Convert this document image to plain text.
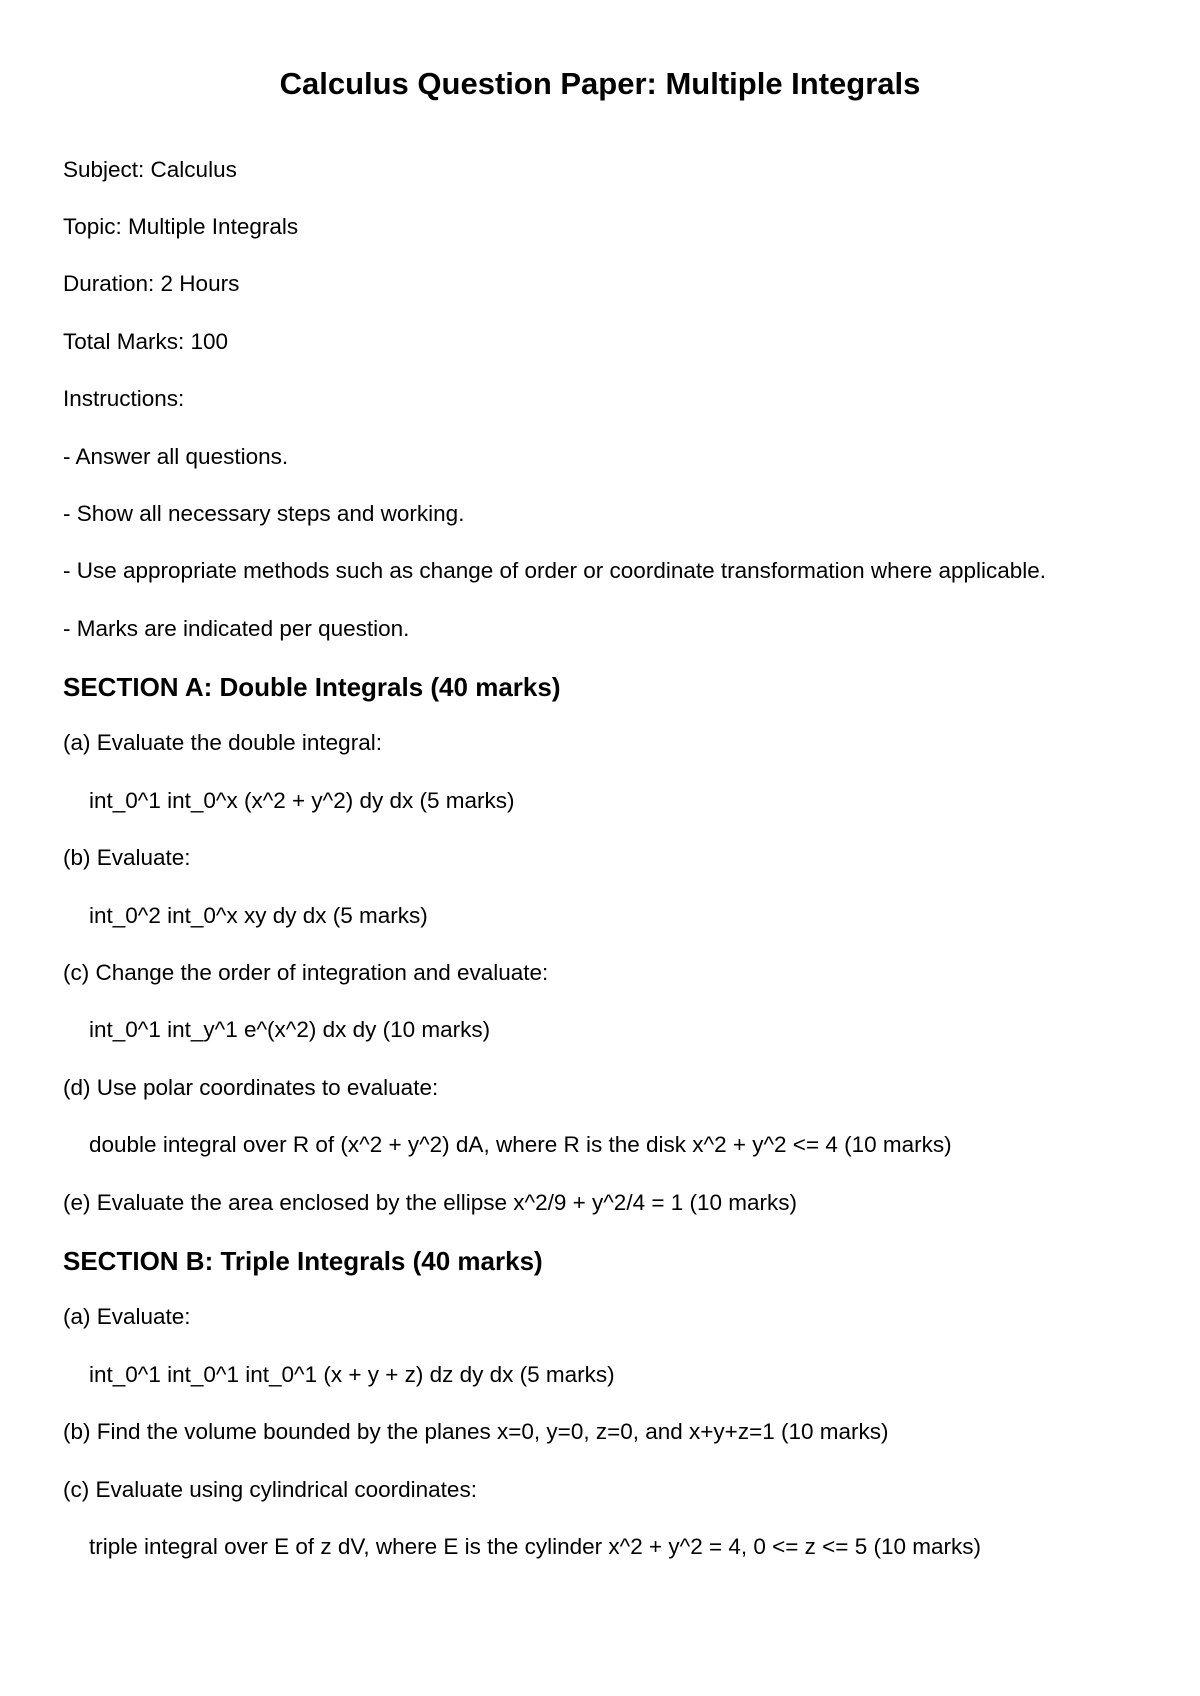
Calculus Question Paper: Multiple Integrals
Subject: Calculus
Topic: Multiple Integrals
Duration: 2 Hours
Total Marks: 100
Instructions:
- Answer all questions.
- Show all necessary steps and working.
- Use appropriate methods such as change of order or coordinate transformation where applicable.
- Marks are indicated per question.
SECTION A: Double Integrals (40 marks)
(a) Evaluate the double integral:
int_0^1 int_0^x (x^2 + y^2) dy dx (5 marks)
(b) Evaluate:
int_0^2 int_0^x xy dy dx (5 marks)
(c) Change the order of integration and evaluate:
int_0^1 int_y^1 e^(x^2) dx dy (10 marks)
(d) Use polar coordinates to evaluate:
double integral over R of (x^2 + y^2) dA, where R is the disk x^2 + y^2 <= 4 (10 marks)
(e) Evaluate the area enclosed by the ellipse x^2/9 + y^2/4 = 1 (10 marks)
SECTION B: Triple Integrals (40 marks)
(a) Evaluate:
int_0^1 int_0^1 int_0^1 (x + y + z) dz dy dx (5 marks)
(b) Find the volume bounded by the planes x=0, y=0, z=0, and x+y+z=1 (10 marks)
(c) Evaluate using cylindrical coordinates:
triple integral over E of z dV, where E is the cylinder x^2 + y^2 = 4, 0 <= z <= 5 (10 marks)
